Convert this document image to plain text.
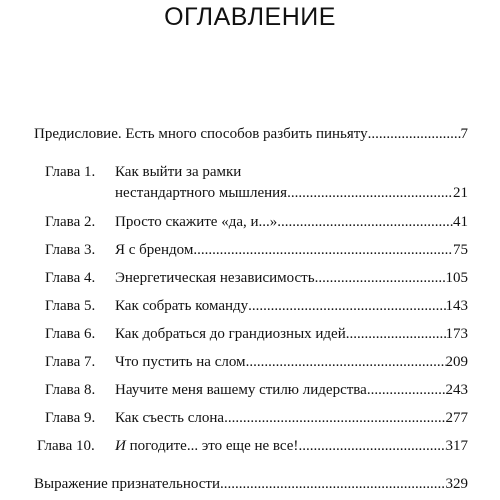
ОГЛАВЛЕНИЕ
Предисловие. Есть много способов разбить пиньяту .....	7
Глава 1. Как выйти за рамки
нестандартного мышления .....	21
Глава 2. Просто скажите «да, и...» .....	41
Глава 3. Я с брендом .....	75
Глава 4. Энергетическая независимость .....	105
Глава 5. Как собрать команду .....	143
Глава 6. Как добраться до грандиозных идей .....	173
Глава 7. Что пустить на слом .....	209
Глава 8. Научите меня вашему стилю лидерства .....	243
Глава 9. Как съесть слона .....	277
Глава 10. И погодите... это еще не все! .....	317
Выражение признательности .....	329
